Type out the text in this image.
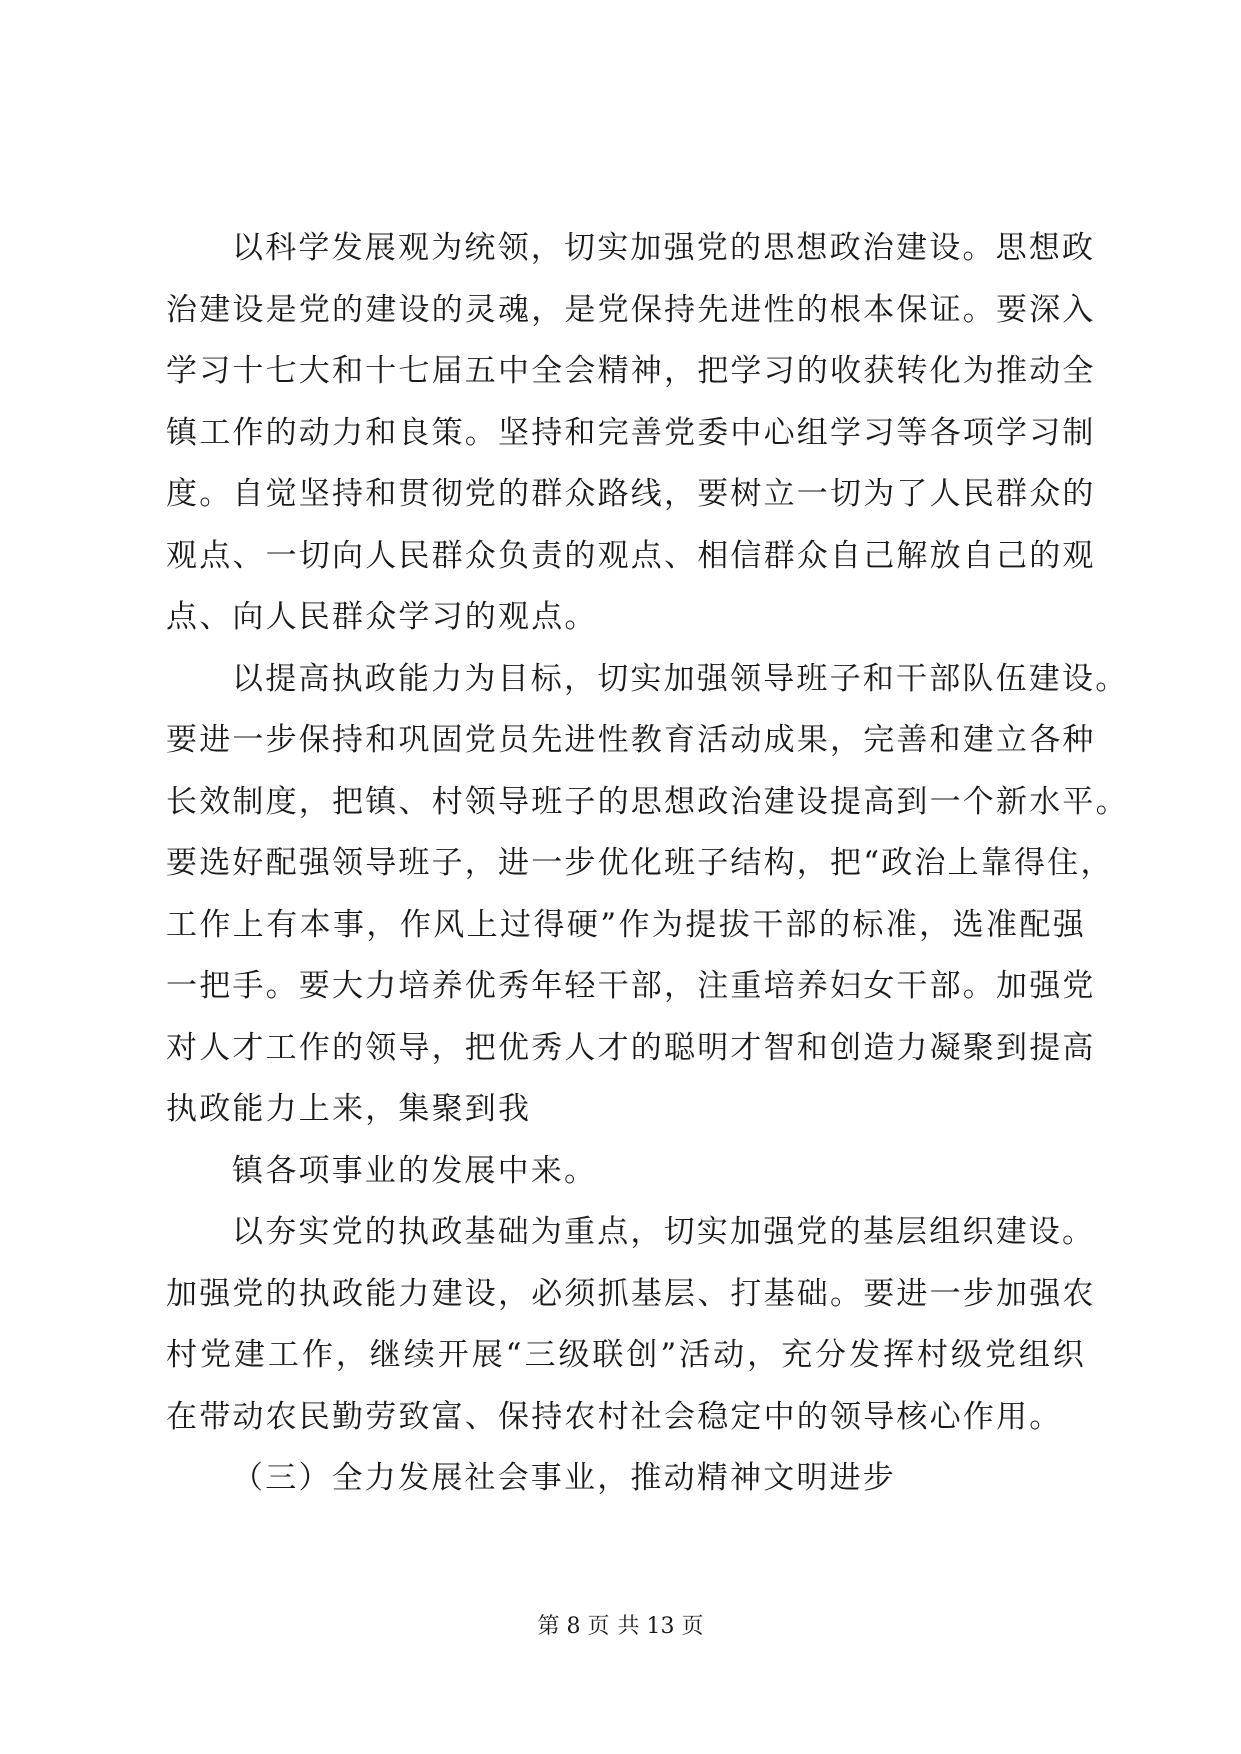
以科学发展观为统领，切实加强党的思想政治建设。思想政
治建设是党的建设的灵魂，是党保持先进性的根本保证。要深入
学习十七大和十七届五中全会精神，把学习的收获转化为推动全
镇工作的动力和良策。坚持和完善党委中心组学习等各项学习制
度。自觉坚持和贯彻党的群众路线，要树立一切为了人民群众的
观点、一切向人民群众负责的观点、相信群众自己解放自己的观
点、向人民群众学习的观点。
以提高执政能力为目标，切实加强领导班子和干部队伍建设。
要进一步保持和巩固党员先进性教育活动成果，完善和建立各种
长效制度，把镇、村领导班子的思想政治建设提高到一个新水平。
要选好配强领导班子，进一步优化班子结构，把“政治上靠得住，
工作上有本事，作风上过得硬”作为提拔干部的标准，选准配强
一把手。要大力培养优秀年轻干部，注重培养妇女干部。加强党
对人才工作的领导，把优秀人才的聪明才智和创造力凝聚到提高
执政能力上来，集聚到我
镇各项事业的发展中来。
以夯实党的执政基础为重点，切实加强党的基层组织建设。
加强党的执政能力建设，必须抓基层、打基础。要进一步加强农
村党建工作，继续开展“三级联创”活动，充分发挥村级党组织
在带动农民勤劳致富、保持农村社会稳定中的领导核心作用。
（三）全力发展社会事业，推动精神文明进步
第 8 页 共 13 页
